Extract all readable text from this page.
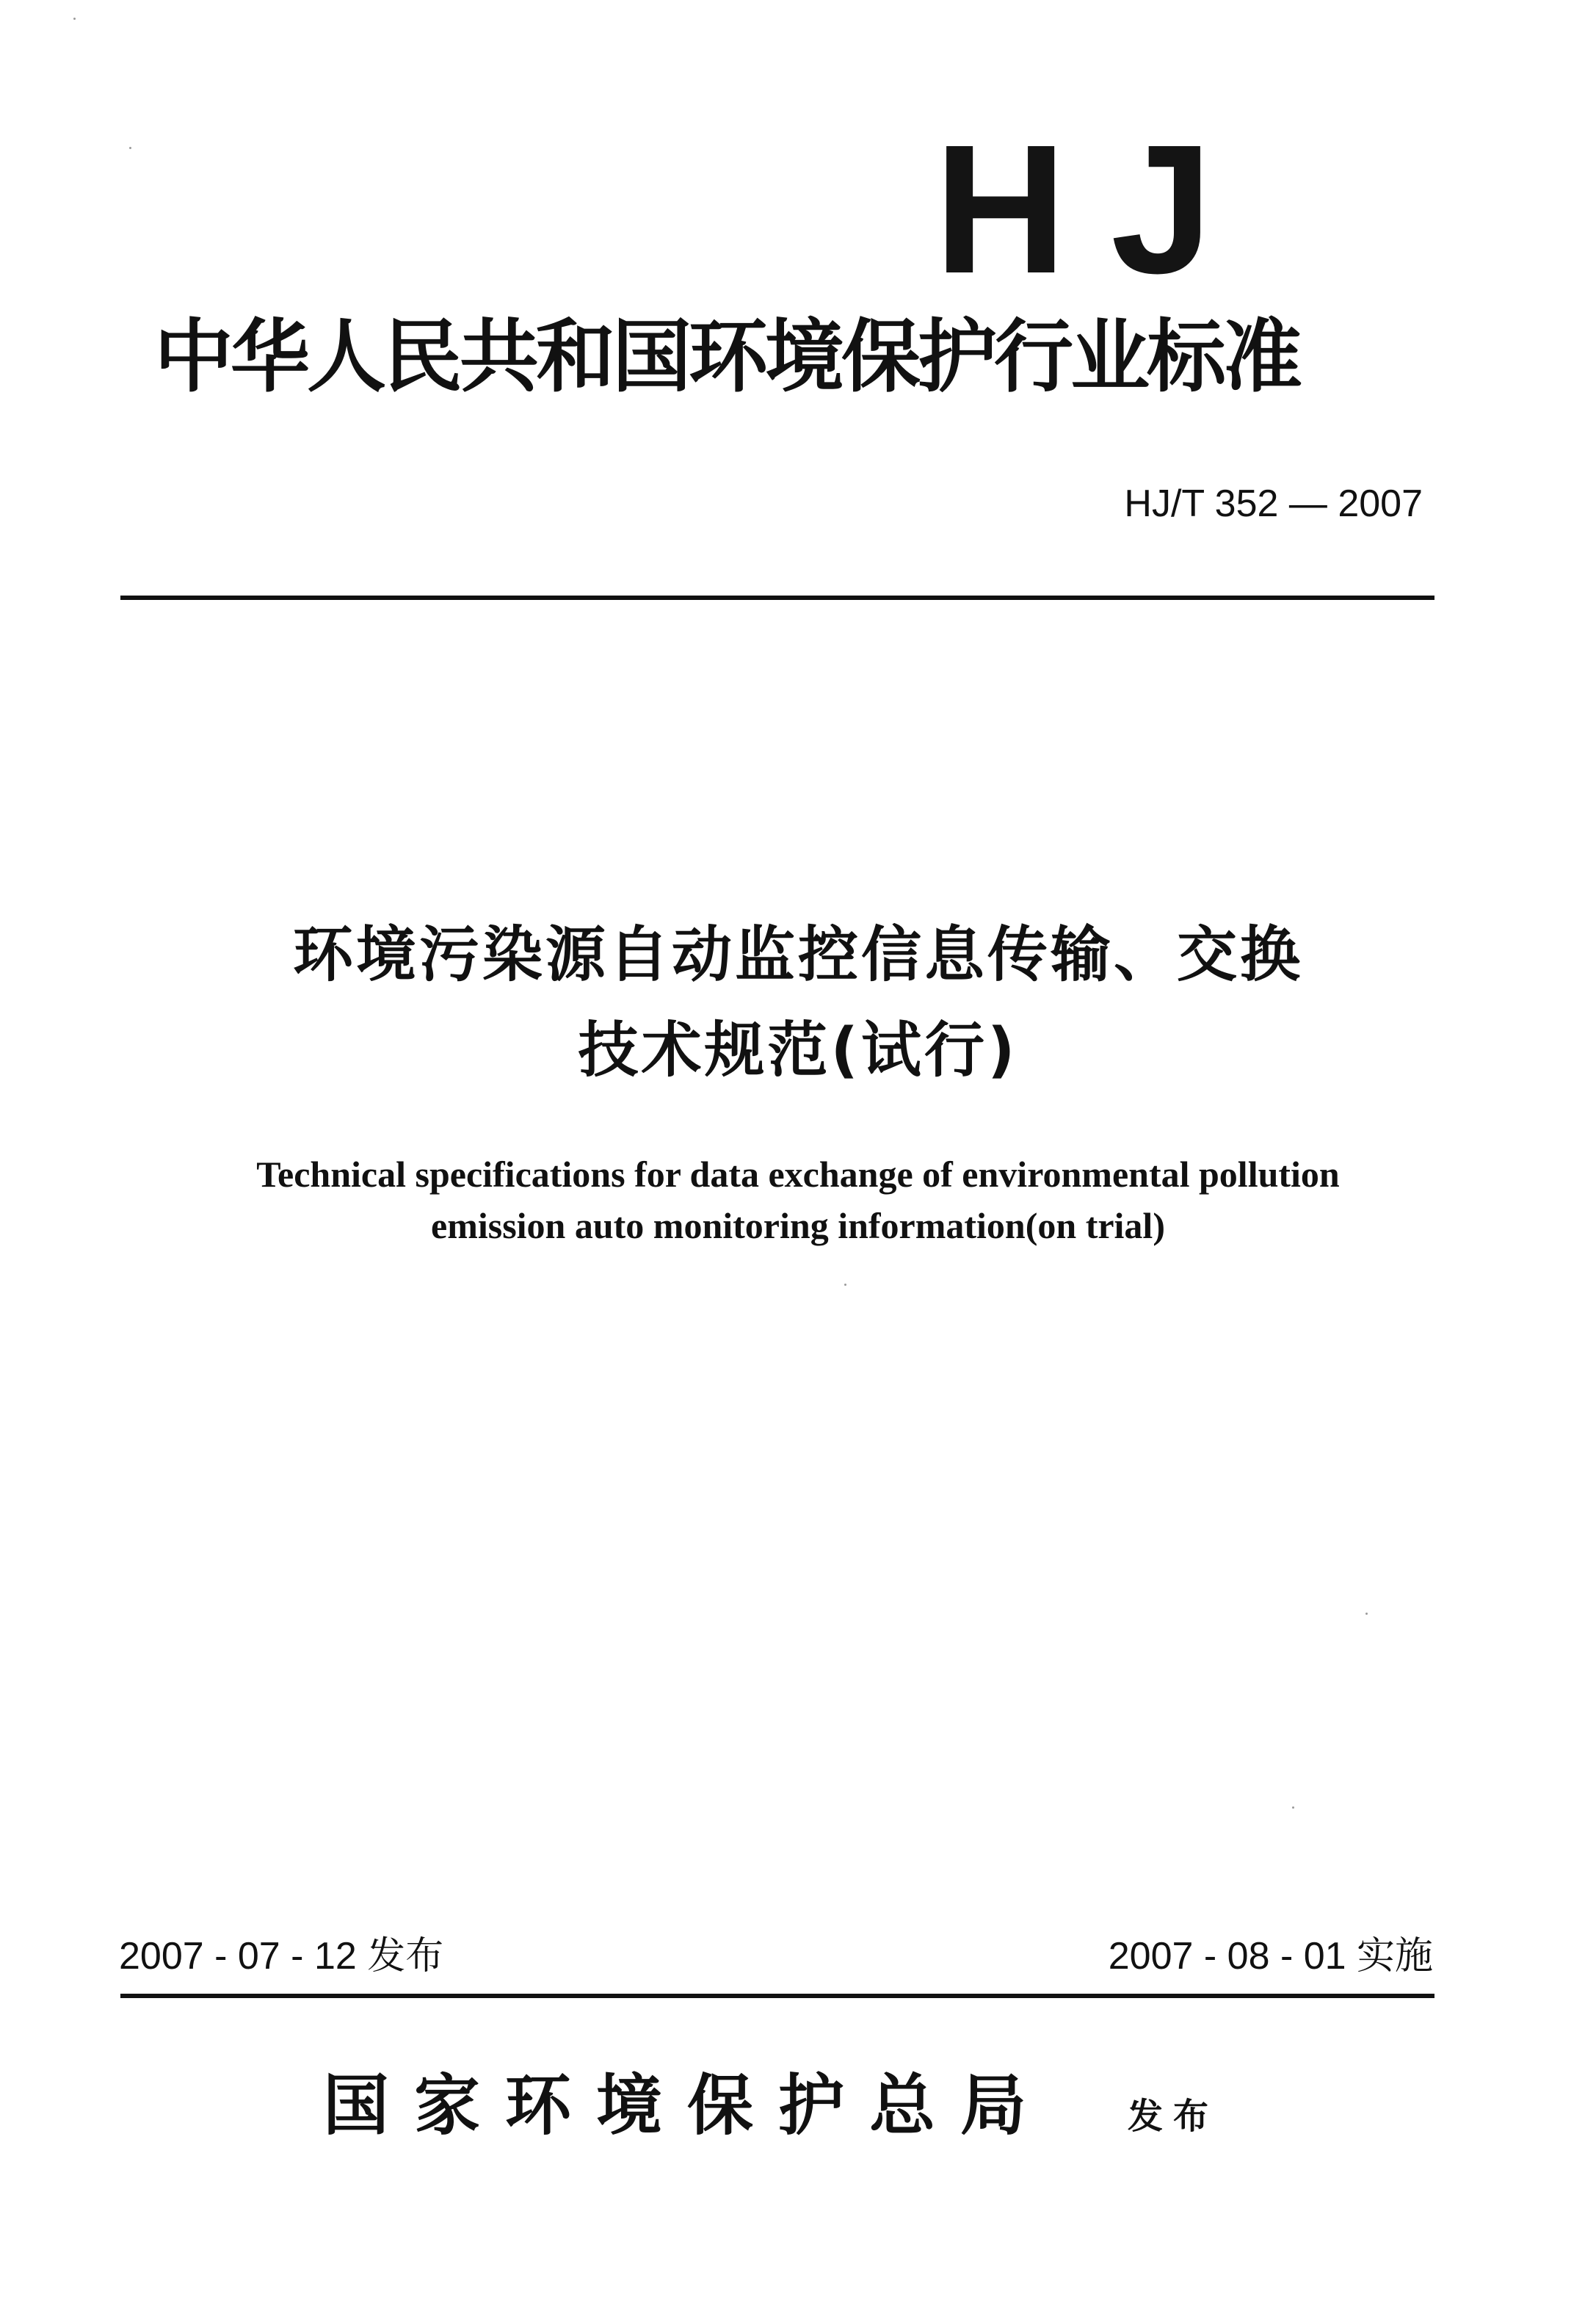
HJ
中华人民共和国环境保护行业标准
HJ/T 352 — 2007
环境污染源自动监控信息传输、交换
技术规范(试行)
Technical specifications for data exchange of environmental pollution
emission auto monitoring information(on trial)
2007 - 07 - 12 发布	2007 - 08 - 01 实施
国家环境保护总局 发布
